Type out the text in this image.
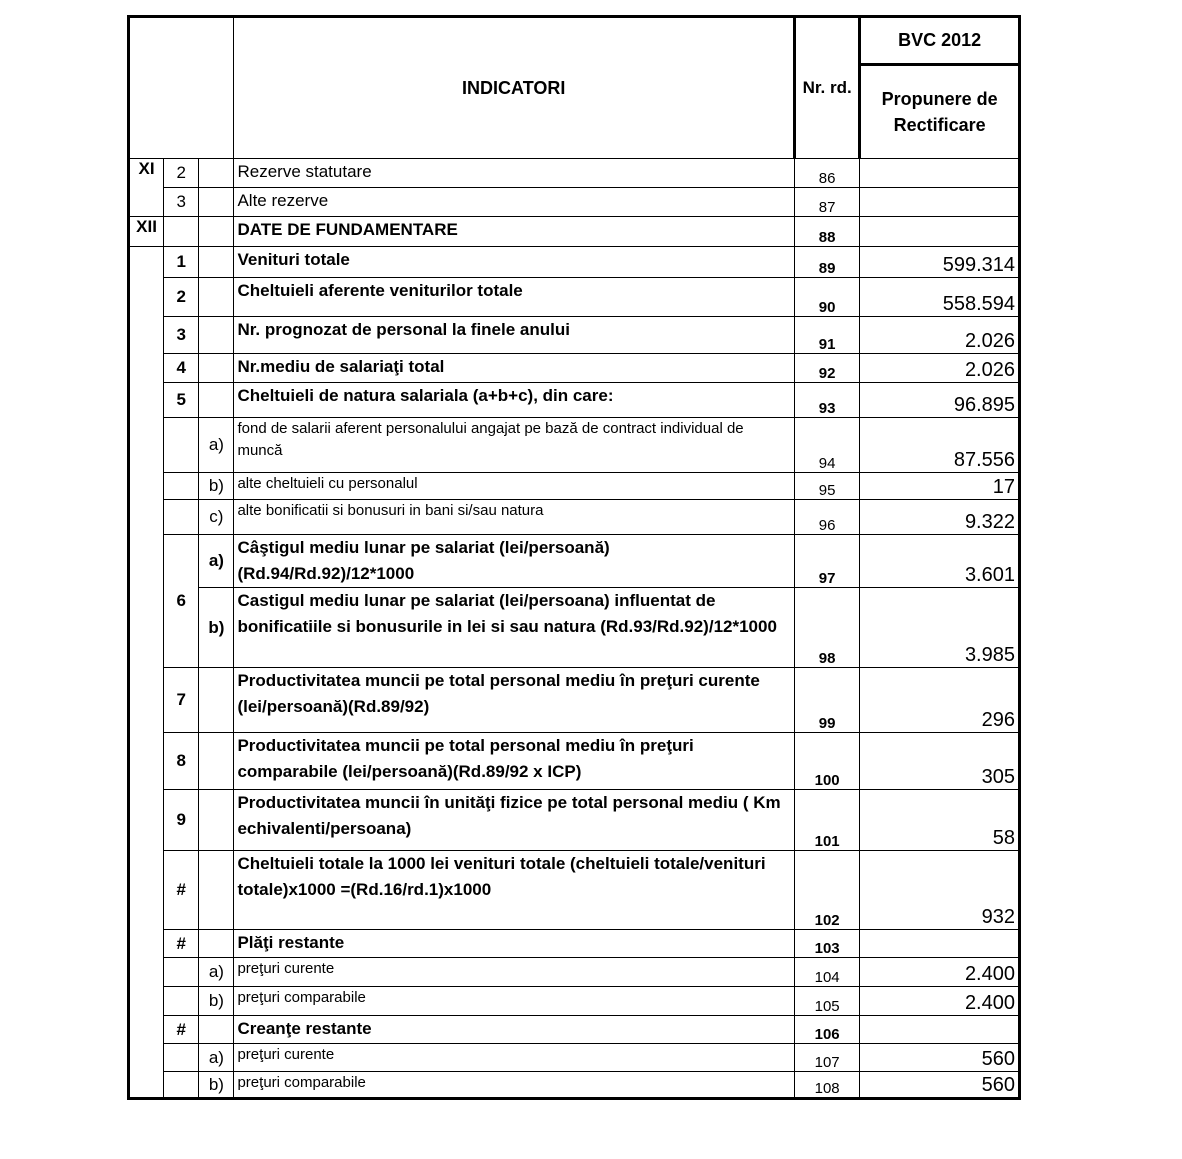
			INDICATORI	Nr. rd.	BVC 2012
					Propunere de Rectificare
XI	2		Rezerve statutare	86	
	3		Alte rezerve	87	
XII			DATE DE FUNDAMENTARE	88	
	1		Venituri totale	89	599.314
	2		Cheltuieli aferente veniturilor totale	90	558.594
	3		Nr. prognozat de personal la finele anului	91	2.026
	4		Nr.mediu de salariaţi total	92	2.026
	5		Cheltuieli de natura salariala (a+b+c), din care:	93	96.895
		a)	fond de salarii aferent personalului angajat pe bază de contract individual de muncă	94	87.556
		b)	alte cheltuieli cu personalul	95	17
		c)	alte bonificatii si bonusuri in bani si/sau natura	96	9.322
	6	a)	Câştigul mediu lunar pe salariat (lei/persoană) (Rd.94/Rd.92)/12*1000	97	3.601
		b)	Castigul mediu lunar pe salariat (lei/persoana) influentat de bonificatiile si bonusurile in lei si sau natura (Rd.93/Rd.92)/12*1000	98	3.985
	7		Productivitatea muncii pe total personal mediu în preţuri curente (lei/persoană)(Rd.89/92)	99	296
	8		Productivitatea muncii pe total personal mediu în preţuri comparabile (lei/persoană)(Rd.89/92 x ICP)	100	305
	9		Productivitatea muncii în unităţi fizice pe total personal mediu ( Km echivalenti/persoana)	101	58
	#		Cheltuieli totale la 1000 lei venituri totale (cheltuieli totale/venituri totale)x1000 =(Rd.16/rd.1)x1000	102	932
	#		Plăţi restante	103	
		a)	preţuri curente	104	2.400
		b)	preţuri comparabile	105	2.400
	#		Creanţe restante	106	
		a)	preţuri curente	107	560
		b)	preţuri comparabile	108	560
